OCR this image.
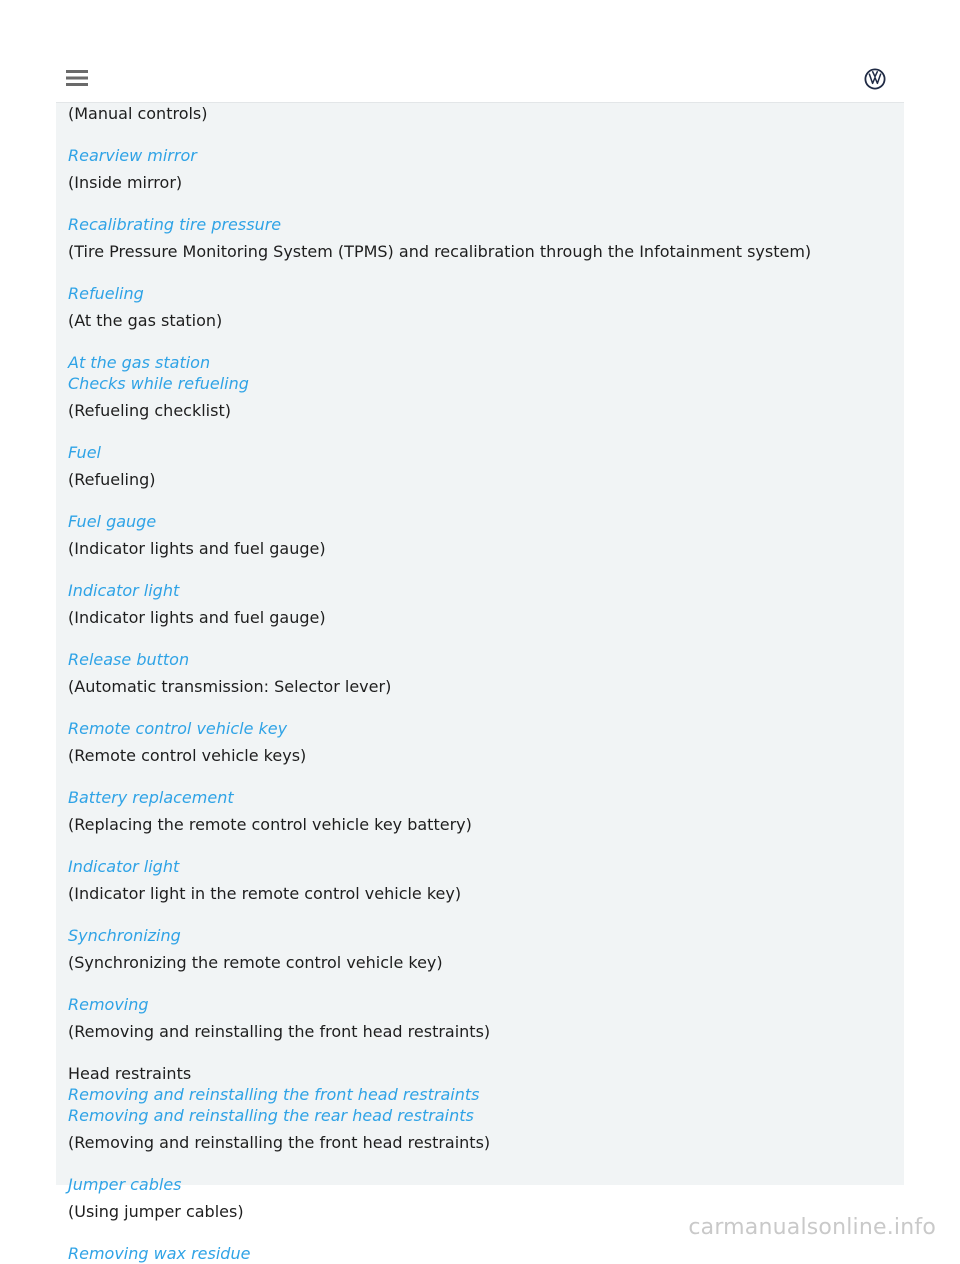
(Manual controls)
Rearview mirror
(Inside mirror)
Recalibrating tire pressure
(Tire Pressure Monitoring System (TPMS) and recalibration through the Infotainment system)
Refueling
(At the gas station)
At the gas station
Checks while refueling
(Refueling checklist)
Fuel
(Refueling)
Fuel gauge
(Indicator lights and fuel gauge)
Indicator light
(Indicator lights and fuel gauge)
Release button
(Automatic transmission: Selector lever)
Remote control vehicle key
(Remote control vehicle keys)
Battery replacement
(Replacing the remote control vehicle key battery)
Indicator light
(Indicator light in the remote control vehicle key)
Synchronizing
(Synchronizing the remote control vehicle key)
Removing
(Removing and reinstalling the front head restraints)
Head restraints
Removing and reinstalling the front head restraints
Removing and reinstalling the rear head restraints
(Removing and reinstalling the front head restraints)
Jumper cables
(Using jumper cables)
Removing wax residue
carmanualsonline.info
